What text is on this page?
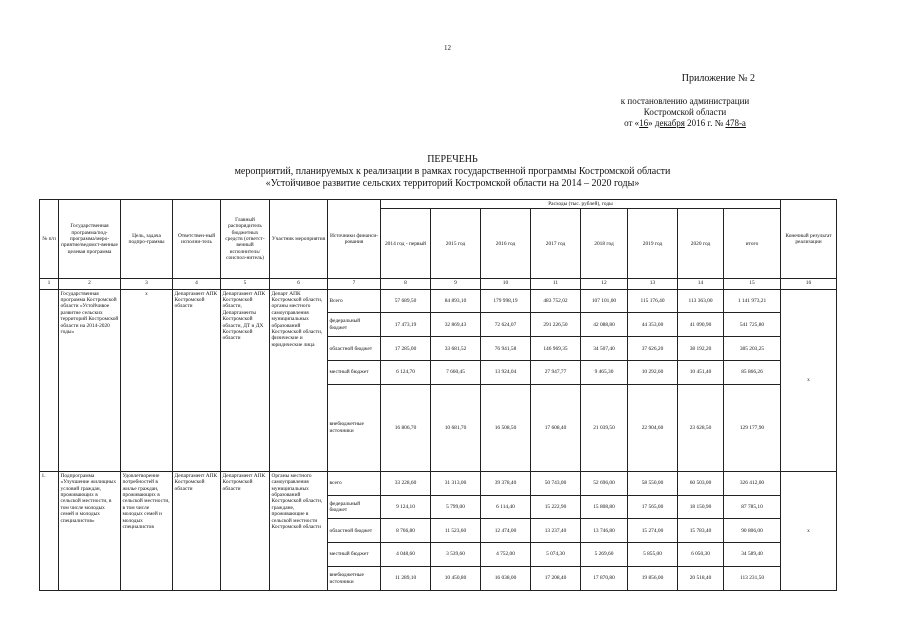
12
Приложение № 2
к постановлению администрации
Костромской области
от «16» декабря 2016 г. № 478-а
ПЕРЕЧЕНЬ
мероприятий, планируемых к реализации в рамках государственной программы Костромской области
«Устойчивое развитие сельских территорий Костромской области на 2014 – 2020 годы»
№ п/п	Государственная программа/под-программа/меро-приятие/ведомст-венные целевая программа	Цель, задача подпро-граммы	Ответствен-ный исполни-тель	Главный распорядитель бюджетных средств (ответст-венный исполнитель/ соиспол-нитель)	Участник мероприятия	Источники финанси-рования	Расходы (тыс. рублей), годы								Конечный результат реализации
							2014 год - первый	2015 год	2016 год	2017 год	2018 год	2019 год	2020 год	итого	
1	2	3	4	5	6	7	8	9	10	11	12	13	14	15	16
	Государственная программа Костромской области «Устойчивое развитие сельских территорий Костромской области на 2014-2020 годы»	х	Департамент АПК Костромской области	Департамент АПК Костромской области, Департаменты Костромской области, ДТ и ДХ Костромской области	Департ АПК Костромской области, органы местного самоуправления муниципальных образований Костромской области, физические и юридические лица	Всего	57 689,50	84 893,10	179 998,19	483 752,02	107 101,00	115 176,40	113 363,00	1 141 973,21	х
						федеральный бюджет	17 473,19	32 869,43	72 624,07	291 226,50	42 088,80	44 353,00	41 090,90	541 725,80	
						областной бюджет	17 285,00	33 681,52	76 941,58	146 969,35	34 507,40	37 626,20	38 192,20	385 203,25	
						местный бюджет	6 124,70	7 660,45	13 924,04	27 947,77	9 465,30	10 292,60	10 451,40	85 866,26	
						внебюджетные источники	16 806,70	10 681,70	16 508,50	17 608,40	21 039,50	22 904,60	23 628,50	129 177,90	
1.	Подпрограмма «Улучшение жилищных условий граждан, проживающих в сельской местности, в том числе молодых семей и молодых специалистов»	Удовлетворение потребностей в жилье граждан, проживающих в сельской местности, в том числе молодых семей и молодых специалистов	Департамент АПК Костромской области	Департамент АПК Костромской области	Органы местного самоуправления муниципальных образований Костромской области, граждане, проживающие в сельской местности Костромской области	всего	33 228,60	31 313,00	39 378,40	50 743,00	52 696,00	58 550,00	60 503,00	326 412,00	х
						федеральный бюджет	9 124,10	5 799,00	6 114,40	15 222,90	15 808,80	17 565,00	18 150,90	87 785,10	
						областной бюджет	8 766,80	11 523,60	12 474,00	13 237,40	13 746,80	15 274,00	15 783,40	90 806,00	
						местный бюджет	4 048,60	3 539,60	4 752,00	5 074,30	5 269,60	5 855,00	6 050,30	34 589,40	
						внебюджетные источники	11 289,10	10 450,80	16 038,00	17 208,40	17 870,80	19 856,00	20 518,40	113 231,50	
